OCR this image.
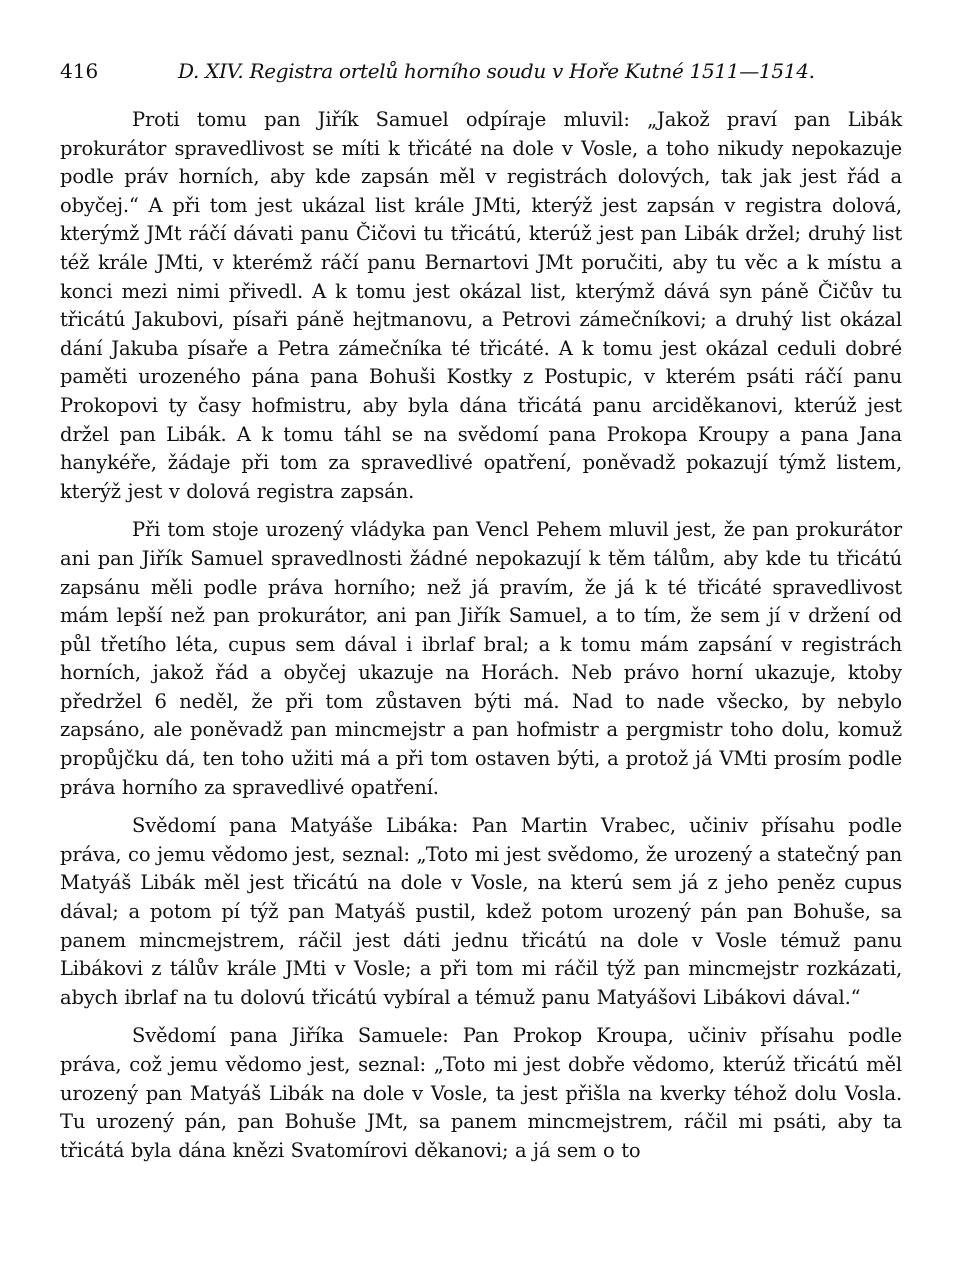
416	D. XIV. Registra ortelů horního soudu v Hoře Kutné 1511—1514.

Proti tomu pan Jiřík Samuel odpíraje mluvil: „Jakož praví pan Libák prokurátor spravedlivost se míti k třicáté na dole v Vosle, a toho nikudy nepokazuje podle práv horních, aby kde zapsán měl v registrách dolových, tak jak jest řád a obyčej.“ A při tom jest ukázal list krále JMti, kterýž jest zapsán v registra dolová, kterýmž JMt ráčí dávati panu Čičovi tu třicátú, kterúž jest pan Libák držel; druhý list též krále JMti, v kterémž ráčí panu Bernartovi JMt poručiti, aby tu věc a k místu a konci mezi nimi přivedl. A k tomu jest okázal list, kterýmž dává syn páně Čičův tu třicátú Jakubovi, písaři páně hejtmanovu, a Petrovi zámečníkovi; a druhý list okázal dání Jakuba písaře a Petra zámečníka té třicáté. A k tomu jest okázal ceduli dobré paměti urozeného pána pana Bohuši Kostky z Postupic, v kterém psáti ráčí panu Prokopovi ty časy hofmistru, aby byla dána třicátá panu arciděkanovi, kterúž jest držel pan Libák. A k tomu táhl se na svědomí pana Prokopa Kroupy a pana Jana hanykéře, žádaje při tom za spravedlivé opatření, poněvadž pokazují týmž listem, kterýž jest v dolová registra zapsán.

Při tom stoje urozený vládyka pan Vencl Pehem mluvil jest, že pan prokurátor ani pan Jiřík Samuel spravedlnosti žádné nepokazují k těm tálům, aby kde tu třicátú zapsánu měli podle práva horního; než já pravím, že já k té třicáté spravedlivost mám lepší než pan prokurátor, ani pan Jiřík Samuel, a to tím, že sem jí v držení od půl třetího léta, cupus sem dával i ibrlaf bral; a k tomu mám zapsání v registrách horních, jakož řád a obyčej ukazuje na Horách. Neb právo horní ukazuje, ktoby předržel 6 neděl, že při tom zůstaven býti má. Nad to nade všecko, by nebylo zapsáno, ale poněvadž pan mincmejstr a pan hofmistr a pergmistr toho dolu, komuž propůjčku dá, ten toho užiti má a při tom ostaven býti, a protož já VMti prosím podle práva horního za spravedlivé opatření.

Svědomí pana Matyáše Libáka: Pan Martin Vrabec, učiniv přísahu podle práva, co jemu vědomo jest, seznal: „Toto mi jest svědomo, že urozený a statečný pan Matyáš Libák měl jest třicátú na dole v Vosle, na kterú sem já z jeho peněz cupus dával; a potom pí týž pan Matyáš pustil, kdež potom urozený pán pan Bohuše, sa panem mincmejstrem, ráčil jest dáti jednu třicátú na dole v Vosle témuž panu Libákovi z tálův krále JMti v Vosle; a při tom mi ráčil týž pan mincmejstr rozkázati, abych ibrlaf na tu dolovú třicátú vybíral a témuž panu Matyášovi Libákovi dával.“

Svědomí pana Jiříka Samuele: Pan Prokop Kroupa, učiniv přísahu podle práva, což jemu vědomo jest, seznal: „Toto mi jest dobře vědomo, kterúž třicátú měl urozený pan Matyáš Libák na dole v Vosle, ta jest přišla na kverky téhož dolu Vosla. Tu urozený pán, pan Bohuše JMt, sa panem mincmejstrem, ráčil mi psáti, aby ta třicátá byla dána knězi Svatomírovi děkanovi; a já sem o to
